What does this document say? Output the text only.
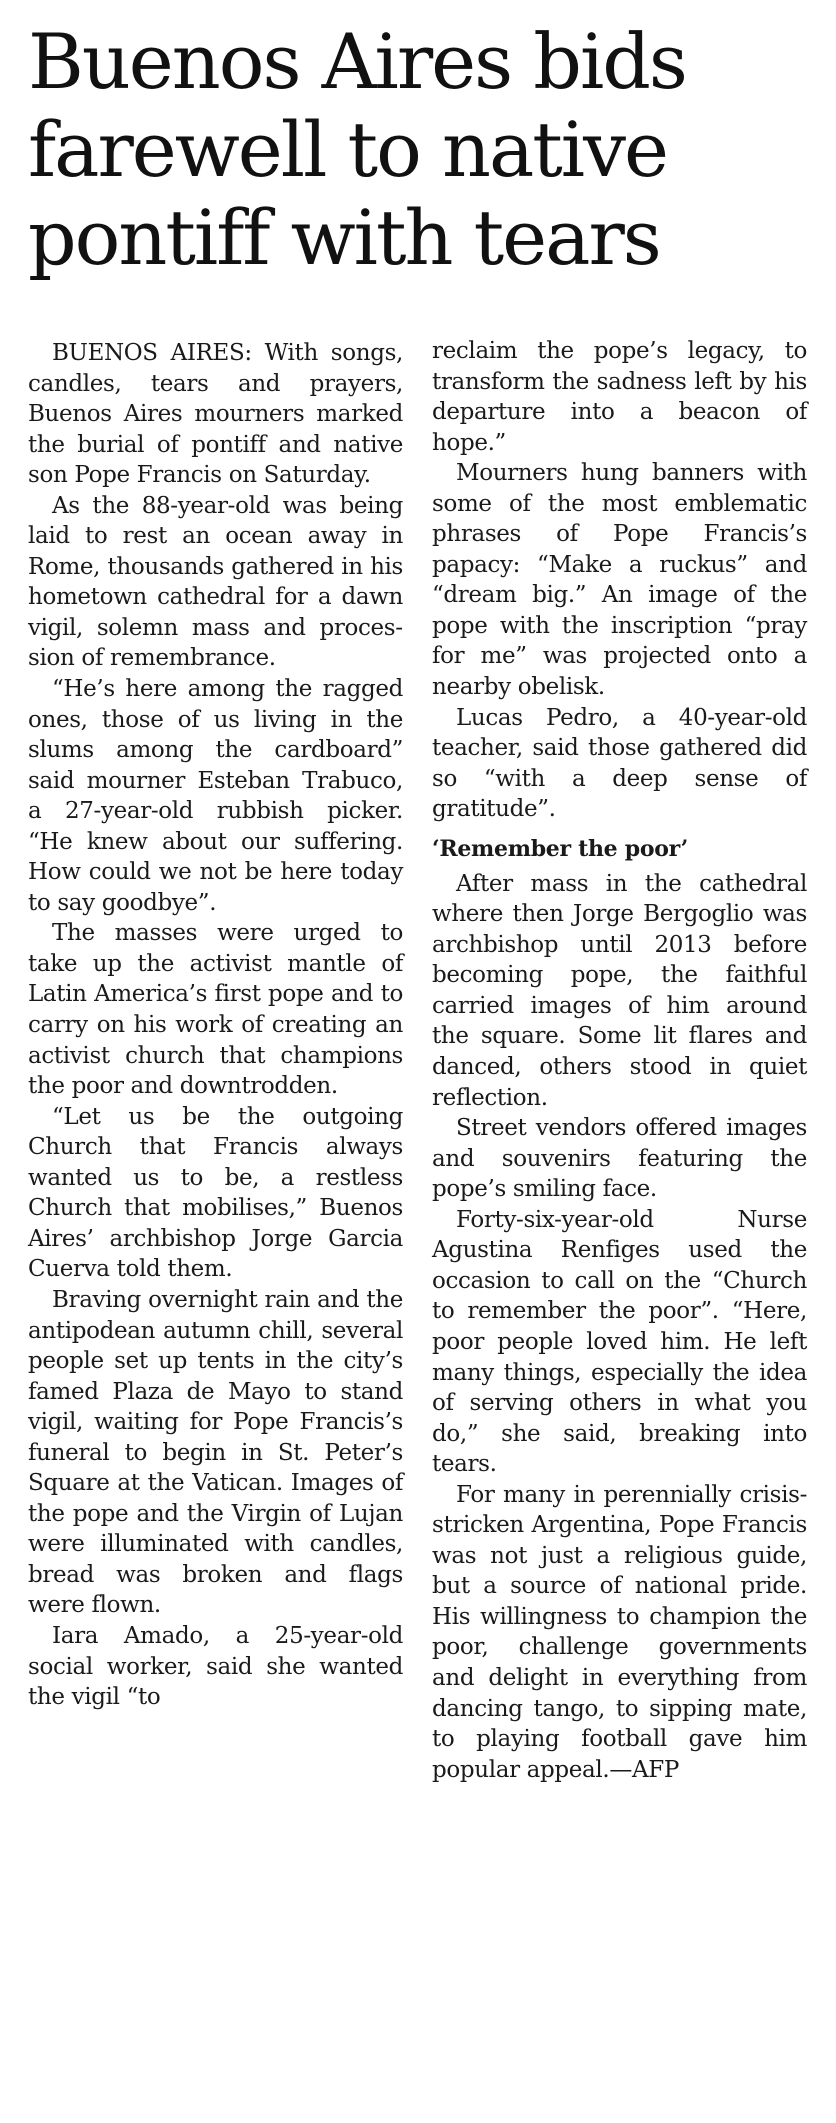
Buenos Aires bids farewell to native pontiff with tears

BUENOS AIRES: With songs, candles, tears and prayers, Buenos Aires mourners marked the burial of pontiff and native son Pope Francis on Saturday.

As the 88-year-old was being laid to rest an ocean away in Rome, thousands gathered in his hometown cathedral for a dawn vigil, solemn mass and procession of remembrance.

“He’s here among the ragged ones, those of us living in the slums among the cardboard” said mourner Esteban Trabuco, a 27-year-old rubbish picker. “He knew about our suffering. How could we not be here today to say goodbye”.

The masses were urged to take up the activist mantle of Latin America’s first pope and to carry on his work of creating an activist church that champions the poor and downtrodden.

“Let us be the outgoing Church that Francis always wanted us to be, a restless Church that mobilises,” Buenos Aires’ archbishop Jorge Garcia Cuerva told them.

Braving overnight rain and the antipodean autumn chill, several people set up tents in the city’s famed Plaza de Mayo to stand vigil, waiting for Pope Francis’s funeral to begin in St. Peter’s Square at the Vatican. Images of the pope and the Virgin of Lujan were illuminated with candles, bread was broken and flags were flown.

Iara Amado, a 25-year-old social worker, said she wanted the vigil “to

reclaim the pope’s legacy, to transform the sadness left by his departure into a beacon of hope.”

Mourners hung banners with some of the most emblematic phrases of Pope Francis’s papacy: “Make a ruckus” and “dream big.” An image of the pope with the inscription “pray for me” was projected onto a nearby obelisk.

Lucas Pedro, a 40-year-old teacher, said those gathered did so “with a deep sense of gratitude”.

‘Remember the poor’

After mass in the cathedral where then Jorge Bergoglio was archbishop until 2013 before becoming pope, the faithful carried images of him around the square. Some lit flares and danced, others stood in quiet reflection.

Street vendors offered images and souvenirs featuring the pope’s smiling face.

Forty-six-year-old Nurse Agustina Renfiges used the occasion to call on the “Church to remember the poor”. “Here, poor people loved him. He left many things, especially the idea of serving others in what you do,” she said, breaking into tears.

For many in perennially crisis-stricken Argentina, Pope Francis was not just a religious guide, but a source of national pride. His willingness to champion the poor, challenge governments and delight in everything from dancing tango, to sipping mate, to playing football gave him popular appeal.—AFP
